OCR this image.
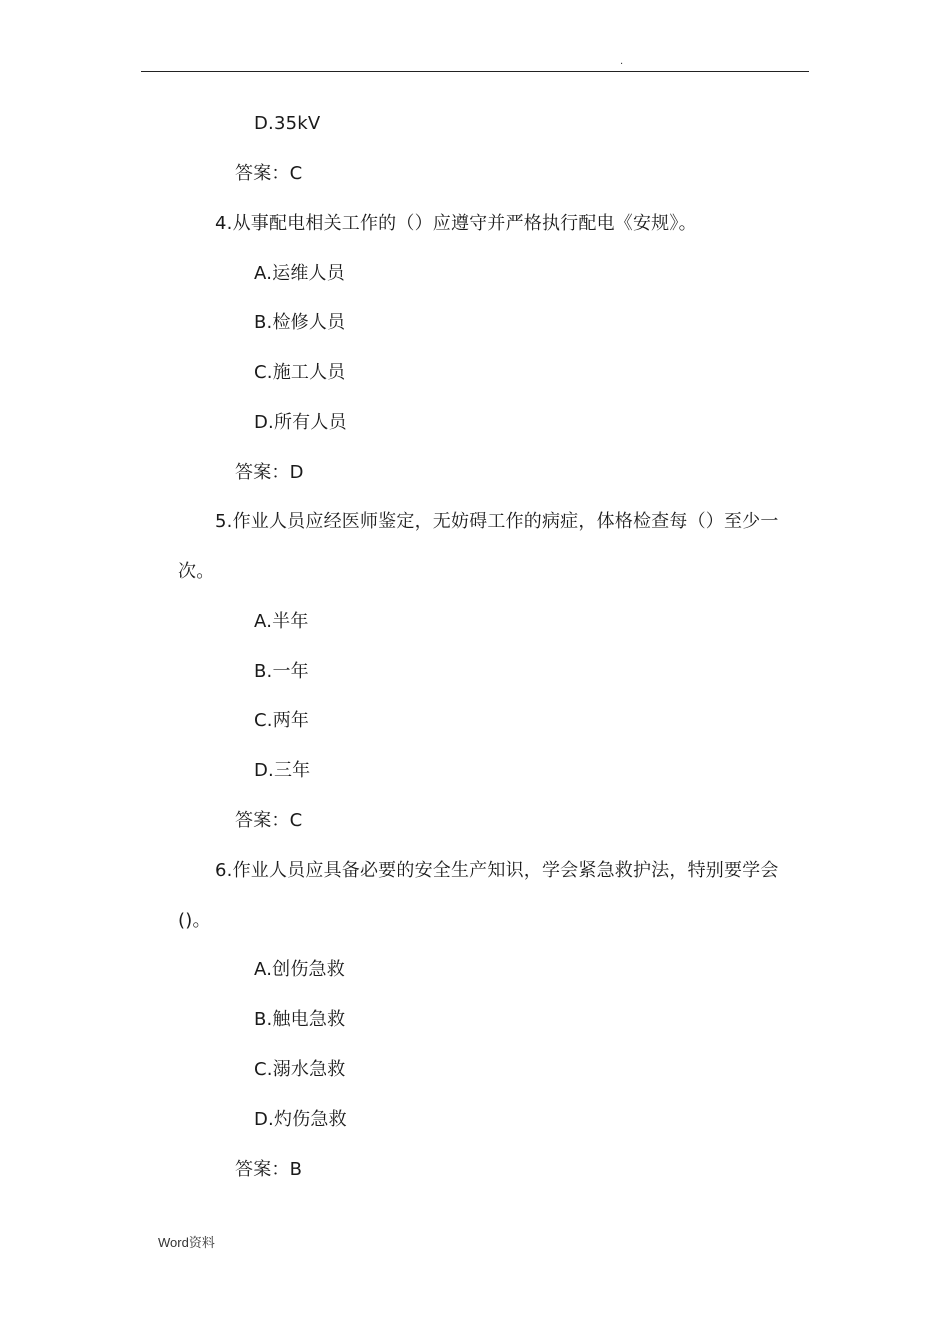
.
D.35kV
答案：C
4.从事配电相关工作的（）应遵守并严格执行配电《安规》。
A.运维人员
B.检修人员
C.施工人员
D.所有人员
答案：D
5.作业人员应经医师鉴定，无妨碍工作的病症，体格检查每（）至少一
次。
A.半年
B.一年
C.两年
D.三年
答案：C
6.作业人员应具备必要的安全生产知识，学会紧急救护法，特别要学会
()。
A.创伤急救
B.触电急救
C.溺水急救
D.灼伤急救
答案：B
Word资料
